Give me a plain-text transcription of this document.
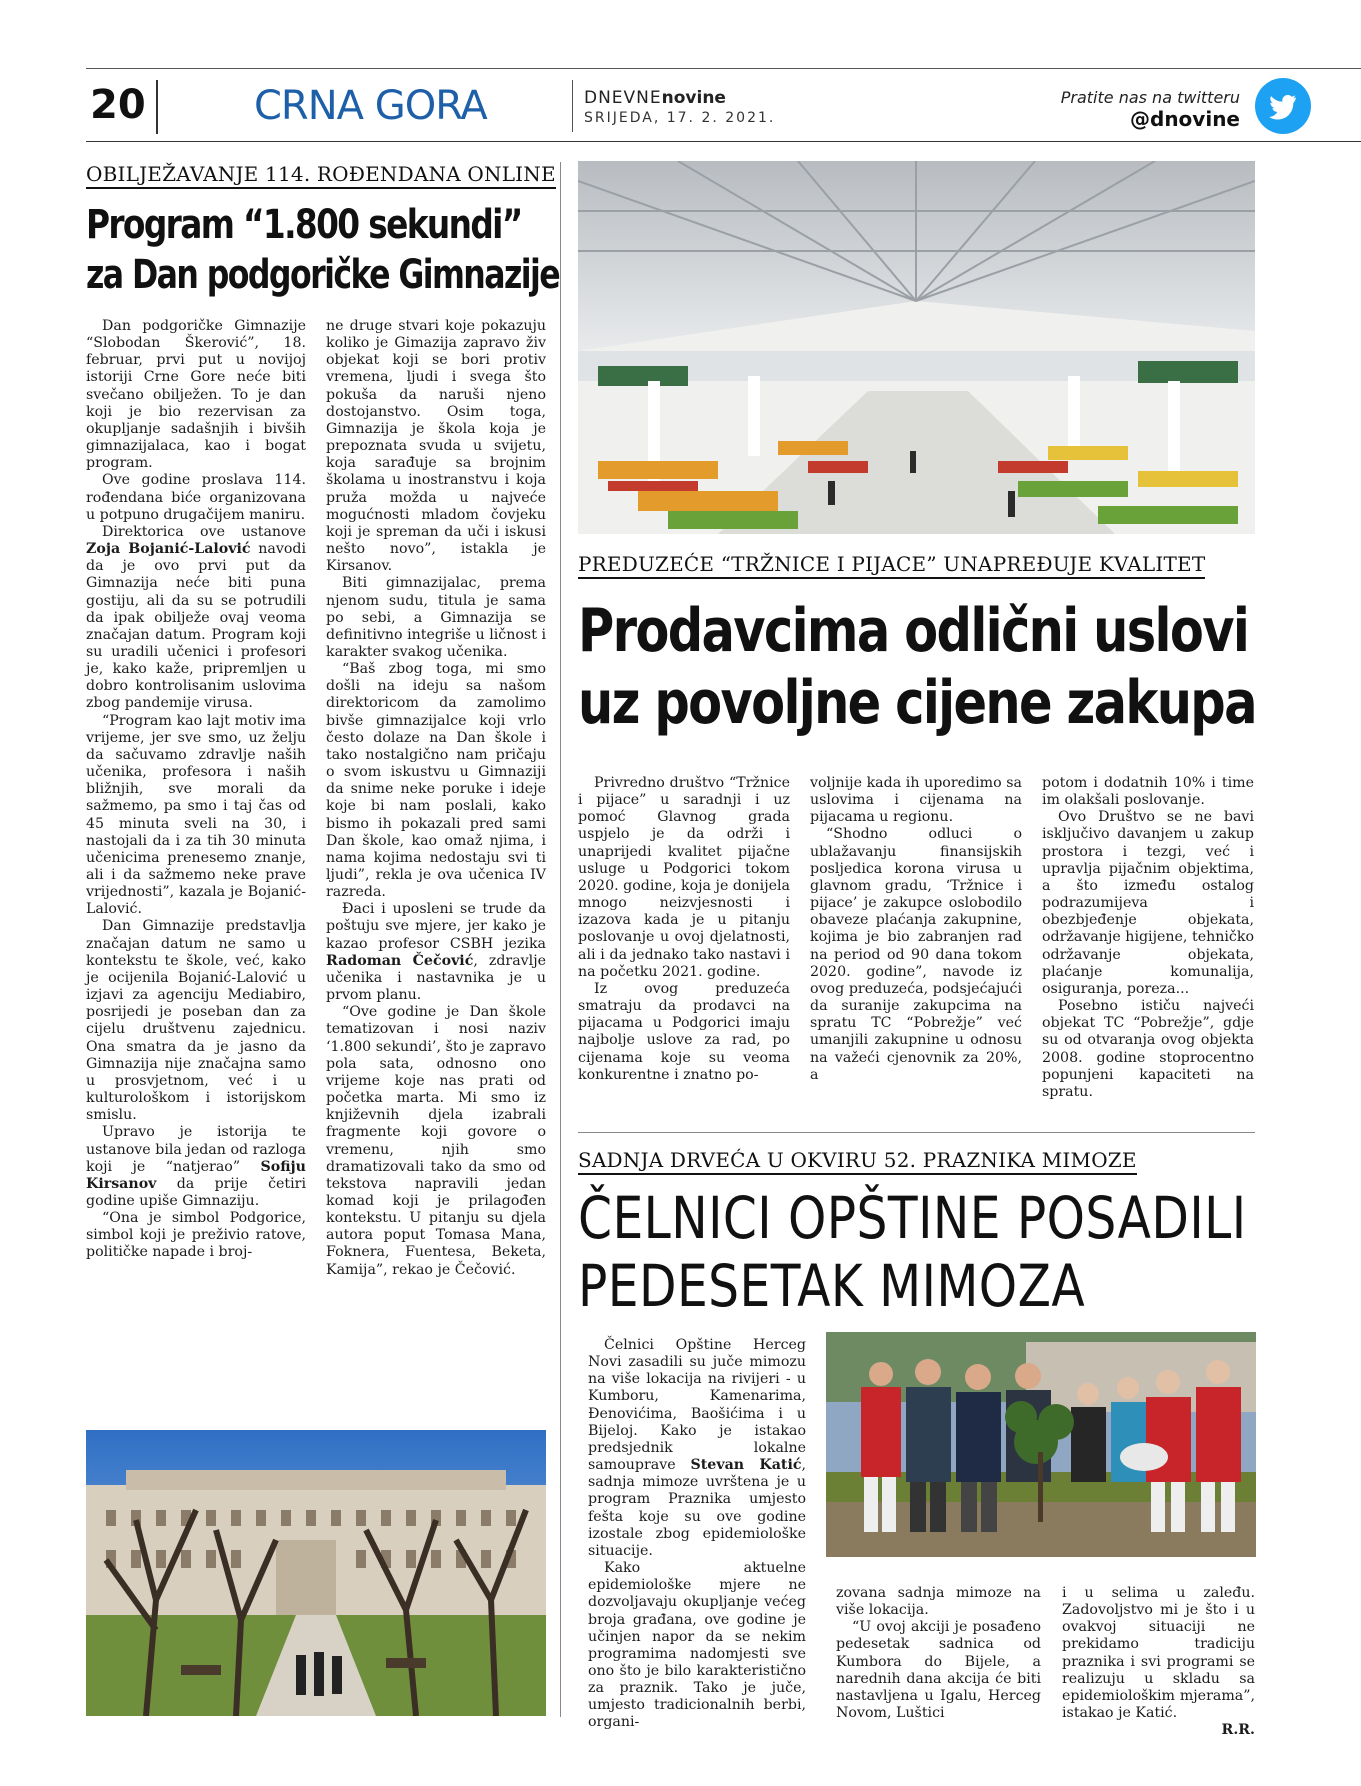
20	CRNA GORA	DNEVNEnovine
SRIJEDA, 17. 2. 2021.
Pratite nas na twitteru
@dnovine
OBILJEŽAVANJE 114. ROĐENDANA ONLINE
Program “1.800 sekundi”
za Dan podgoričke Gimnazije

Dan podgoričke Gimnazije “Slobodan Škerović”, 18. februar, prvi put u novijoj istoriji Crne Gore neće biti svečano obilježen. To je dan koji je bio rezervisan za okupljanje sadašnjih i bivših gimnazijalaca, kao i bogat program.

Ove godine proslava 114. rođendana biće organizovana u potpuno drugačijem maniru.

Direktorica ove ustanove Zoja Bojanić-Lalović navodi da je ovo prvi put da Gimnazija neće biti puna gostiju, ali da su se potrudili da ipak obilježe ovaj veoma značajan datum. Program koji su uradili učenici i profesori je, kako kaže, pripremljen u dobro kontrolisanim uslovima zbog pandemije virusa.

“Program kao lajt motiv ima vrijeme, jer sve smo, uz želju da sačuvamo zdravlje naših učenika, profesora i naših bližnjih, sve morali da sažmemo, pa smo i taj čas od 45 minuta sveli na 30, i nastojali da i za tih 30 minuta učenicima prenesemo znanje, ali i da sažmemo neke prave vrijednosti”, kazala je Bojanić-Lalović.

Dan Gimnazije predstavlja značajan datum ne samo u kontekstu te škole, već, kako je ocijenila Bojanić-Lalović u izjavi za agenciju Mediabiro, posrijedi je poseban dan za cijelu društvenu zajednicu. Ona smatra da je jasno da Gimnazija nije značajna samo u prosvjetnom, već i u kulturološkom i istorijskom smislu.

Upravo je istorija te ustanove bila jedan od razloga koji je “natjerao” Sofiju Kirsanov da prije četiri godine upiše Gimnaziju.

“Ona je simbol Podgorice, simbol koji je preživio ratove, političke napade i broj-

ne druge stvari koje pokazuju koliko je Gimazija zapravo živ objekat koji se bori protiv vremena, ljudi i svega što pokuša da naruši njeno dostojanstvo. Osim toga, Gimnazija je škola koja je prepoznata svuda u svijetu, koja sarađuje sa brojnim školama u inostranstvu i koja pruža možda u najveće mogućnosti mladom čovjeku koji je spreman da uči i iskusi nešto novo”, istakla je Kirsanov.

Biti gimnazijalac, prema njenom sudu, titula je sama po sebi, a Gimnazija se definitivno integriše u ličnost i karakter svakog učenika.

“Baš zbog toga, mi smo došli na ideju sa našom direktoricom da zamolimo bivše gimnazijalce koji vrlo često dolaze na Dan škole i tako nostalgično nam pričaju o svom iskustvu u Gimnaziji da snime neke poruke i ideje koje bi nam poslali, kako bismo ih pokazali pred sami Dan škole, kao omaž njima, i nama kojima nedostaju svi ti ljudi”, rekla je ova učenica IV razreda.

Đaci i uposleni se trude da poštuju sve mjere, jer kako je kazao profesor CSBH jezika Radoman Čečović, zdravlje učenika i nastavnika je u prvom planu.

“Ove godine je Dan škole tematizovan i nosi naziv ‘1.800 sekundi’, što je zapravo pola sata, odnosno ono vrijeme koje nas prati od početka marta. Mi smo iz književnih djela izabrali fragmente koji govore o vremenu, njih smo dramatizovali tako da smo od tekstova napravili jedan komad koji je prilagođen kontekstu. U pitanju su djela autora poput Tomasa Mana, Foknera, Fuentesa, Beketa, Kamija”, rekao je Čečović.

PREDUZEĆE “TRŽNICE I PIJACE” UNAPREĐUJE KVALITET
Prodavcima odlični uslovi
uz povoljne cijene zakupa

Privredno društvo “Tržnice i pijace” u saradnji i uz pomoć Glavnog grada uspjelo je da održi i unaprijedi kvalitet pijačne usluge u Podgorici tokom 2020. godine, koja je donijela mnogo neizvjesnosti i izazova kada je u pitanju poslovanje u ovoj djelatnosti, ali i da jednako tako nastavi i na početku 2021. godine.

Iz ovog preduzeća smatraju da prodavci na pijacama u Podgorici imaju najbolje uslove za rad, po cijenama koje su veoma konkurentne i znatno po-

voljnije kada ih uporedimo sa uslovima i cijenama na pijacama u regionu.

“Shodno odluci o ublažavanju finansijskih posljedica korona virusa u glavnom gradu, ‘Tržnice i pijace’ je zakupce oslobodilo obaveze plaćanja zakupnine, kojima je bio zabranjen rad na period od 90 dana tokom 2020. godine”, navode iz ovog preduzeća, podsjećajući da suranije zakupcima na spratu TC “Pobrežje” već umanjili zakupnine u odnosu na važeći cjenovnik za 20%, a

potom i dodatnih 10% i time im olakšali poslovanje.

Ovo Društvo se ne bavi isključivo davanjem u zakup prostora i tezgi, već i upravlja pijačnim objektima, a što između ostalog podrazumijeva i obezbjeđenje objekata, održavanje higijene, tehničko održavanje objekata, plaćanje komunalija, osiguranja, poreza...

Posebno ističu najveći objekat TC “Pobrežje”, gdje su od otvaranja ovog objekta 2008. godine stoprocentno popunjeni kapaciteti na spratu.

SADNJA DRVEĆA U OKVIRU 52. PRAZNIKA MIMOZE
ČELNICI OPŠTINE POSADILI
PEDESETAK MIMOZA

Čelnici Opštine Herceg Novi zasadili su juče mimozu na više lokacija na rivijeri - u Kumboru, Kamenarima, Đenovićima, Baošićima i u Bijeloj. Kako je istakao predsjednik lokalne samouprave Stevan Katić, sadnja mimoze uvrštena je u program Praznika umjesto fešta koje su ove godine izostale zbog epidemiološke situacije.

Kako aktuelne epidemiološke mjere ne dozvoljavaju okupljanje većeg broja građana, ove godine je učinjen napor da se nekim programima nadomjesti sve ono što je bilo karakteristično za praznik. Tako je juče, umjesto tradicionalnih berbi, organi-

zovana sadnja mimoze na više lokacija.

“U ovoj akciji je posađeno pedesetak sadnica od Kumbora do Bijele, a narednih dana akcija će biti nastavljena u Igalu, Herceg Novom, Luštici

i u selima u zaleđu. Zadovoljstvo mi je što i u ovakvoj situaciji ne prekidamo tradiciju praznika i svi programi se realizuju u skladu sa epidemiološkim mjerama”, istakao je Katić.

R.R.
